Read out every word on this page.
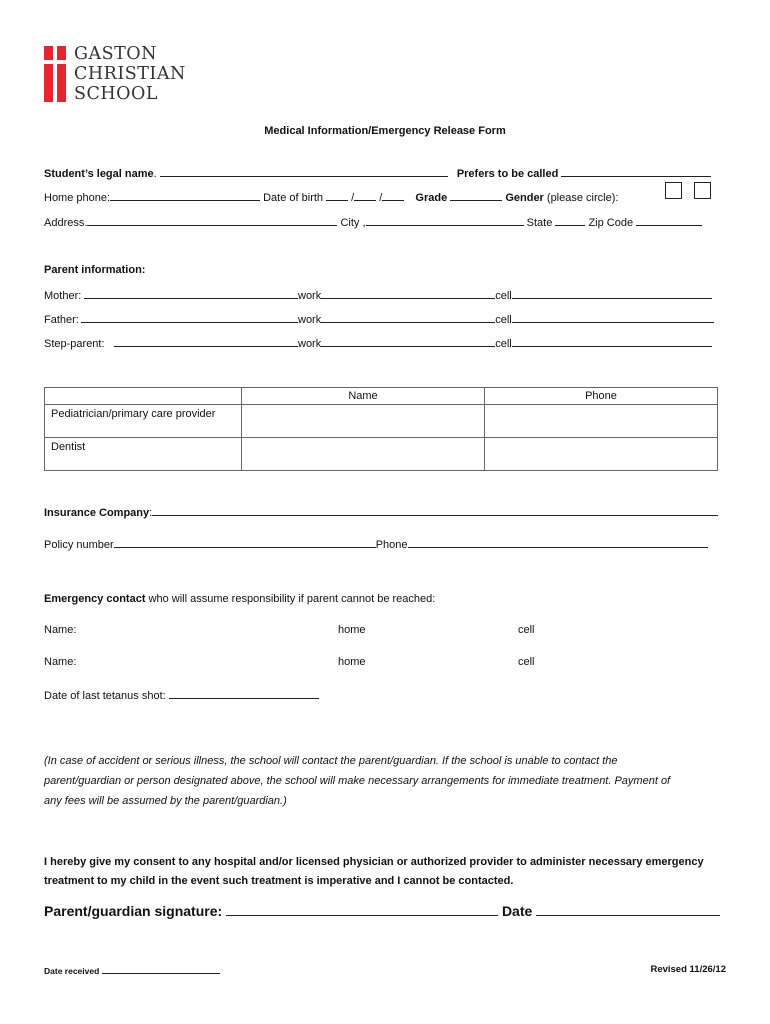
GASTON
CHRISTIAN
SCHOOL
Medical Information/Emergency Release Form
Student’s legal name.	Prefers to be called
Home phone:	Date of birth  / /	Grade	Gender (please circle):
Address.	City ,	State	Zip Code
Parent information:
Mother:	work	cell
Father:	work	cell
Step-parent:	work	cell
	Name	Phone
Pediatrician/primary care provider		
Dentist		
Insurance Company:
Policy number	Phone
Emergency contact who will assume responsibility if parent cannot be reached:
Name:	home	cell
Name:	home	cell
Date of last tetanus shot:
(In case of accident or serious illness, the school will contact the parent/guardian. If the school is unable to contact the
parent/guardian or person designated above, the school will make necessary arrangements for immediate treatment. Payment of
any fees will be assumed by the parent/guardian.)
I hereby give my consent to any hospital and/or licensed physician or authorized provider to administer necessary emergency
treatment to my child in the event such treatment is imperative and I cannot be contacted.
Parent/guardian signature:	Date
Date received	Revised 11/26/12
